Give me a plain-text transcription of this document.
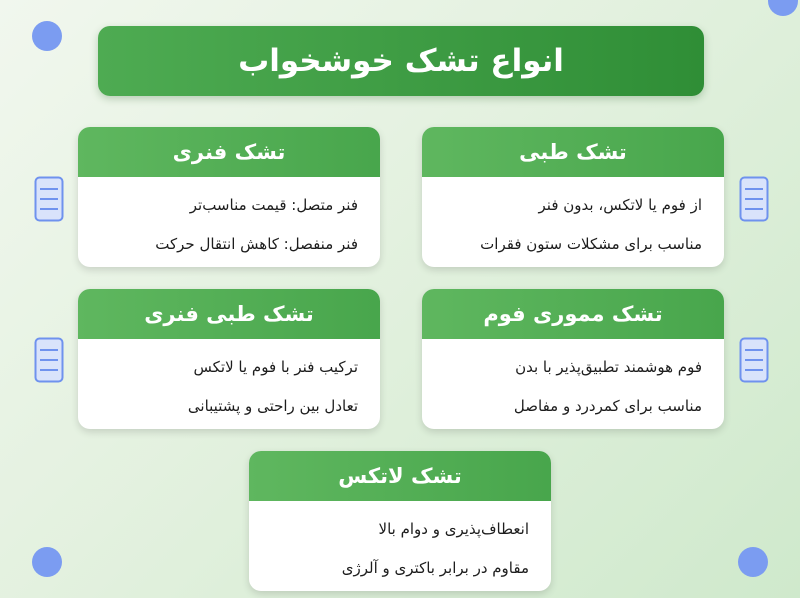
انواع تشک خوشخواب
تشک طبی
از فوم یا لاتکس، بدون فنر
مناسب برای مشکلات ستون فقرات
تشک فنری
فنر متصل: قیمت مناسب‌تر
فنر منفصل: کاهش انتقال حرکت
تشک مموری فوم
فوم هوشمند تطبیق‌پذیر با بدن
مناسب برای کمردرد و مفاصل
تشک طبی فنری
ترکیب فنر با فوم یا لاتکس
تعادل بین راحتی و پشتیبانی
تشک لاتکس
انعطاف‌پذیری و دوام بالا
مقاوم در برابر باکتری و آلرژی
